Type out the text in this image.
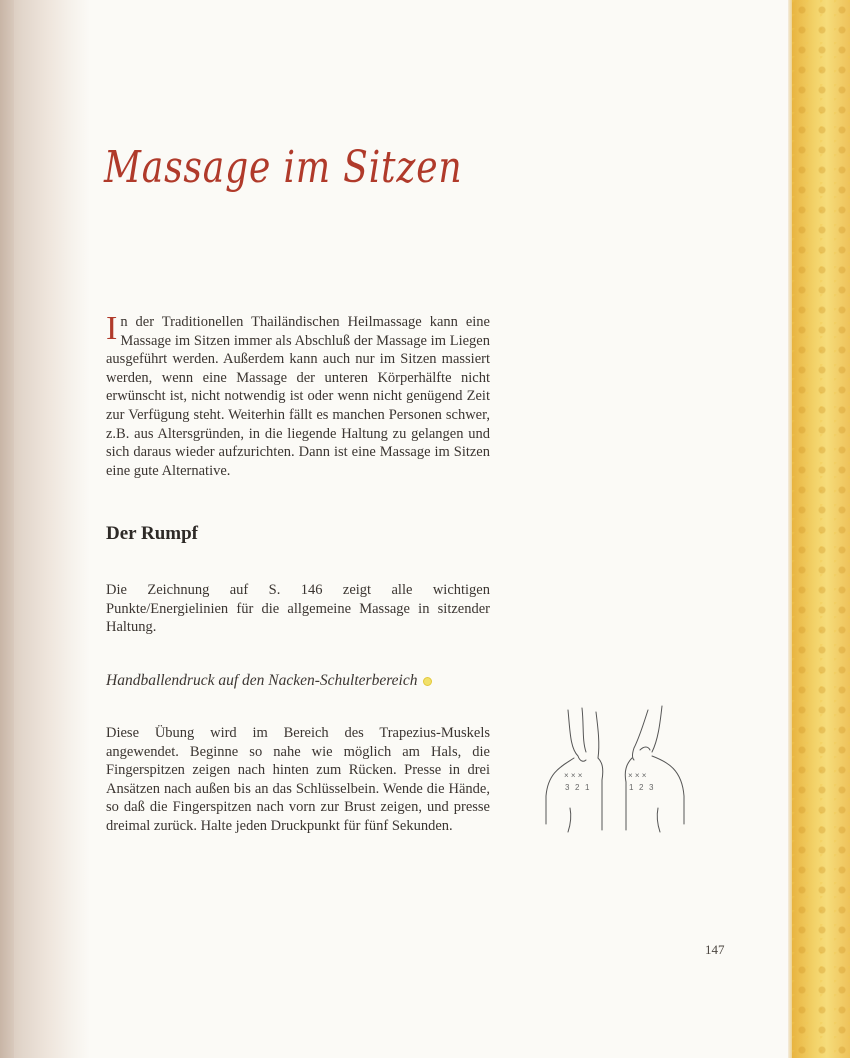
Massage im Sitzen
In der Traditionellen Thailändischen Heilmassage kann eine Massage im Sitzen immer als Abschluß der Massage im Liegen ausgeführt werden. Außerdem kann auch nur im Sitzen massiert werden, wenn eine Massage der unteren Körperhälfte nicht erwünscht ist, nicht notwendig ist oder wenn nicht genügend Zeit zur Verfügung steht. Weiterhin fällt es manchen Personen schwer, z.B. aus Altersgründen, in die liegende Haltung zu gelangen und sich daraus wieder aufzurichten. Dann ist eine Massage im Sitzen eine gute Alternative.
Der Rumpf
Die Zeichnung auf S. 146 zeigt alle wichtigen Punkte/Energielinien für die allgemeine Massage in sitzender Haltung.
Handballendruck auf den Nacken-Schulterbereich
Diese Übung wird im Bereich des Trapezius-Muskels angewendet. Beginne so nahe wie möglich am Hals, die Fingerspitzen zeigen nach hinten zum Rücken. Presse in drei Ansätzen nach außen bis an das Schlüsselbein. Wende die Hände, so daß die Fingerspitzen nach vorn zur Brust zeigen, und presse dreimal zurück. Halte jeden Druckpunkt für fünf Sekunden.
× × ×
3 2 1
× × ×
1 2 3
147
